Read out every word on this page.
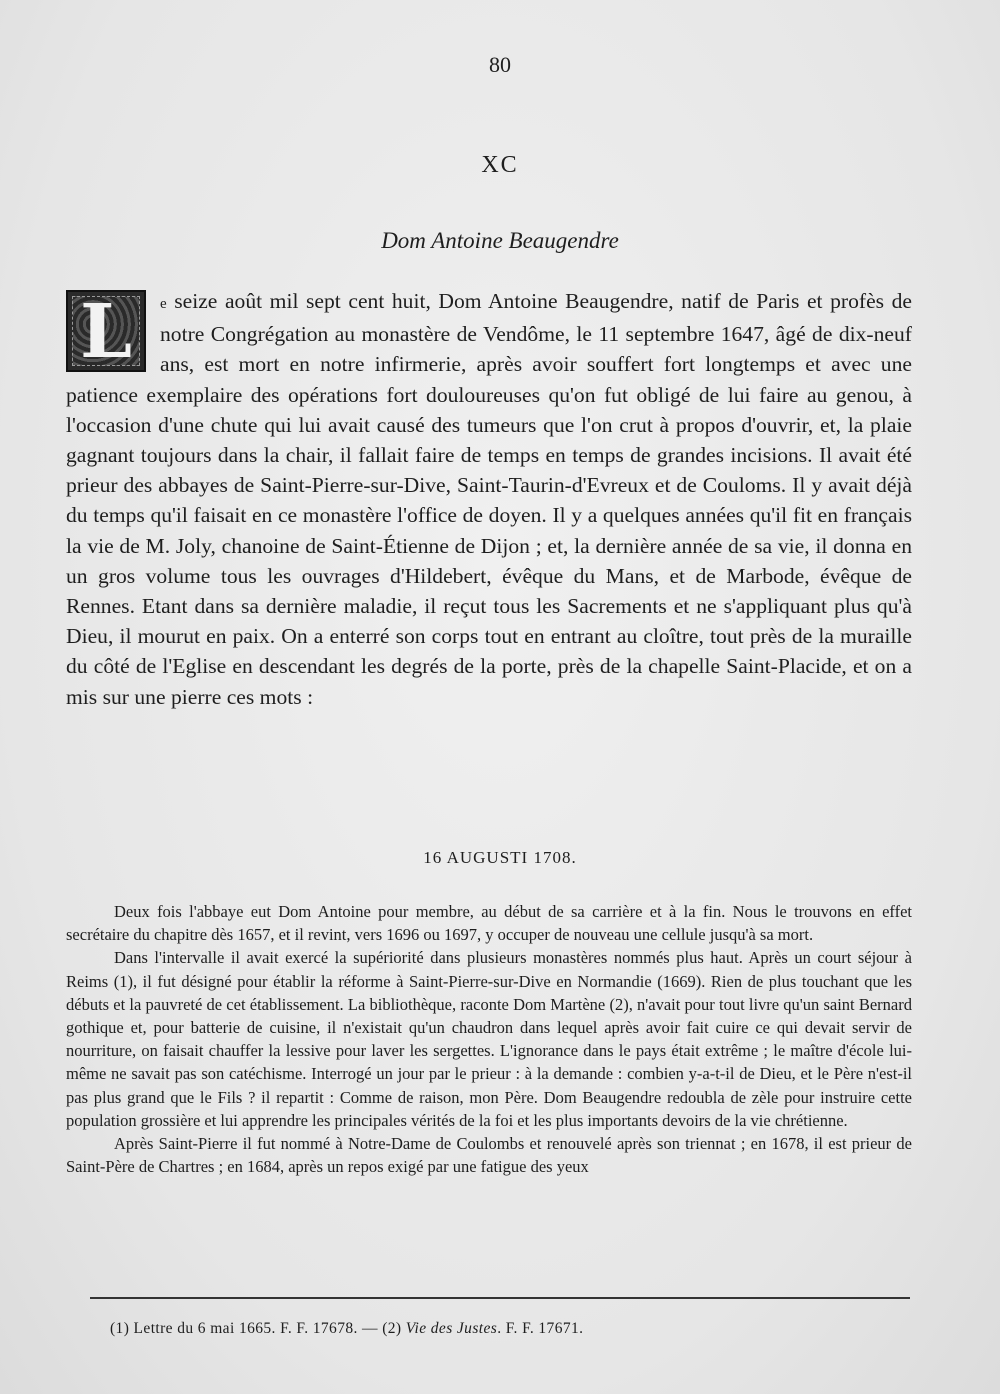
80
XC
Dom Antoine Beaugendre

L	e seize août mil sept cent huit, Dom Antoine Beaugendre, natif de Paris et profès de notre Congrégation au monastère de Vendôme, le 11 septembre 1647, âgé de dix-neuf ans, est mort en notre infirmerie, après avoir souffert fort longtemps et avec une patience exemplaire des opérations fort douloureuses qu'on fut obligé de lui faire au genou, à l'occasion d'une chute qui lui avait causé des tumeurs que l'on crut à propos d'ouvrir, et, la plaie gagnant toujours dans la chair, il fallait faire de temps en temps de grandes incisions. Il avait été prieur des abbayes de Saint-Pierre-sur-Dive, Saint-Taurin-d'Evreux et de Couloms. Il y avait déjà du temps qu'il faisait en ce monastère l'office de doyen. Il y a quelques années qu'il fit en français la vie de M. Joly, chanoine de Saint-Étienne de Dijon ; et, la dernière année de sa vie, il donna en un gros volume tous les ouvrages d'Hildebert, évêque du Mans, et de Marbode, évêque de Rennes. Etant dans sa dernière maladie, il reçut tous les Sacrements et ne s'appliquant plus qu'à Dieu, il mourut en paix. On a enterré son corps tout en entrant au cloître, tout près de la muraille du côté de l'Eglise en descendant les degrés de la porte, près de la chapelle Saint-Placide, et on a mis sur une pierre ces mots :

16 AUGUSTI 1708.

Deux fois l'abbaye eut Dom Antoine pour membre, au début de sa carrière et à la fin. Nous le trouvons en effet secrétaire du chapitre dès 1657, et il revint, vers 1696 ou 1697, y occuper de nouveau une cellule jusqu'à sa mort.

Dans l'intervalle il avait exercé la supériorité dans plusieurs monastères nommés plus haut. Après un court séjour à Reims (1), il fut désigné pour établir la réforme à Saint-Pierre-sur-Dive en Normandie (1669). Rien de plus touchant que les débuts et la pauvreté de cet établissement. La bibliothèque, raconte Dom Martène (2), n'avait pour tout livre qu'un saint Bernard gothique et, pour batterie de cuisine, il n'existait qu'un chaudron dans lequel après avoir fait cuire ce qui devait servir de nourriture, on faisait chauffer la lessive pour laver les sergettes. L'ignorance dans le pays était extrême ; le maître d'école lui-même ne savait pas son catéchisme. Interrogé un jour par le prieur : à la demande : combien y-a-t-il de Dieu, et le Père n'est-il pas plus grand que le Fils ? il repartit : Comme de raison, mon Père. Dom Beaugendre redoubla de zèle pour instruire cette population grossière et lui apprendre les principales vérités de la foi et les plus importants devoirs de la vie chrétienne.

Après Saint-Pierre il fut nommé à Notre-Dame de Coulombs et renouvelé après son triennat ; en 1678, il est prieur de Saint-Père de Chartres ; en 1684, après un repos exigé par une fatigue des yeux

(1) Lettre du 6 mai 1665. F. F. 17678. — (2) Vie des Justes. F. F. 17671.
